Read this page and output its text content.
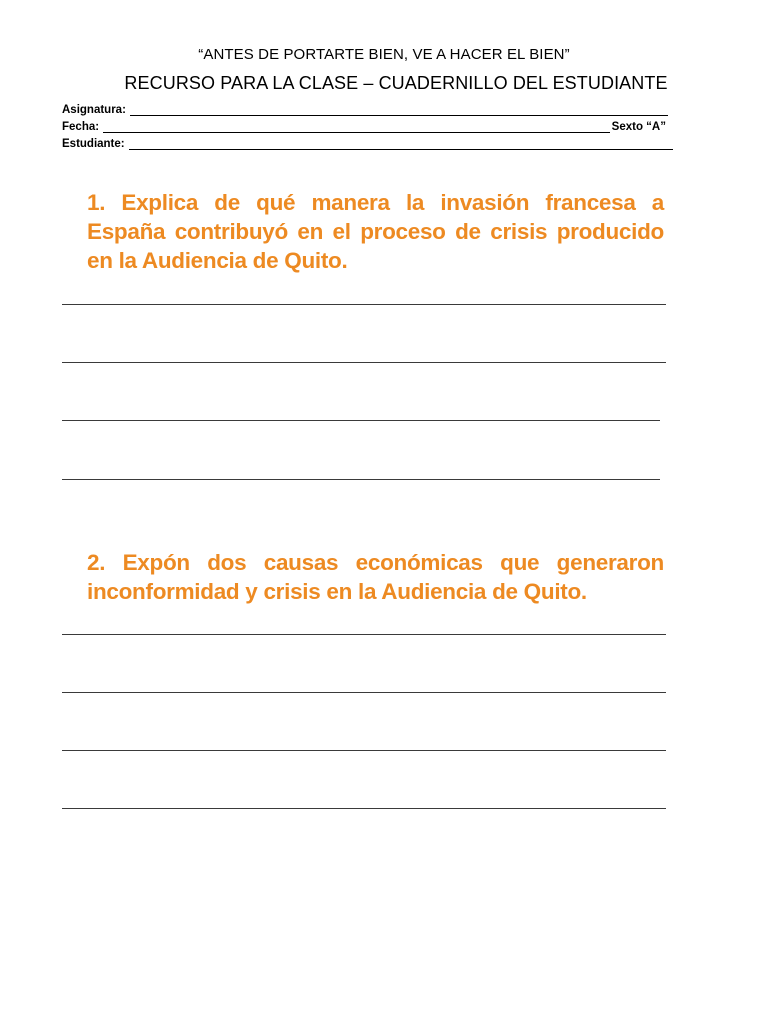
“ANTES DE PORTARTE BIEN, VE A HACER EL BIEN”
RECURSO PARA LA CLASE – CUADERNILLO DEL ESTUDIANTE
Asignatura:
Fecha:	Sexto “A”
Estudiante:
1. Explica de qué manera la invasión francesa a España contribuyó en el proceso de crisis producido en la Audiencia de Quito.
2. Expón dos causas económicas que generaron inconformidad y crisis en la Audiencia de Quito.
